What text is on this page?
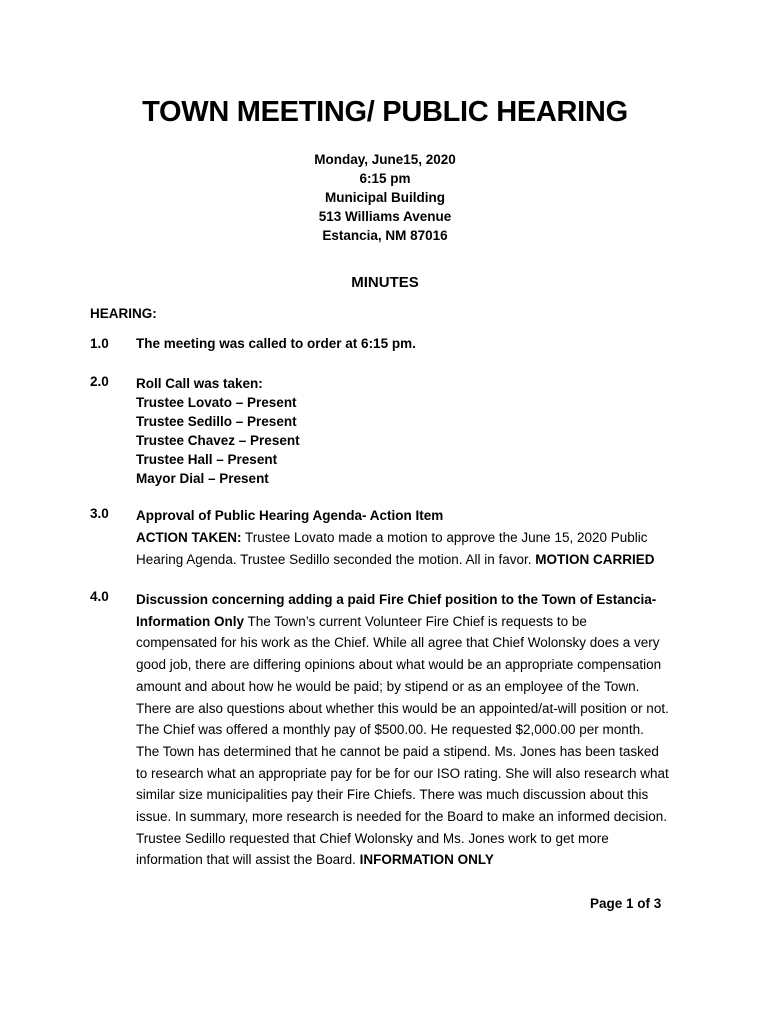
TOWN MEETING/ PUBLIC HEARING
Monday, June15, 2020
6:15 pm
Municipal Building
513 Williams Avenue
Estancia, NM 87016
MINUTES
HEARING:
1.0 The meeting was called to order at 6:15 pm.
2.0 Roll Call was taken:
Trustee Lovato – Present
Trustee Sedillo – Present
Trustee Chavez – Present
Trustee Hall – Present
Mayor Dial – Present
3.0 Approval of Public Hearing Agenda- Action Item

ACTION TAKEN: Trustee Lovato made a motion to approve the June 15, 2020 Public Hearing Agenda. Trustee Sedillo seconded the motion. All in favor. MOTION CARRIED

4.0 Discussion concerning adding a paid Fire Chief position to the Town of Estancia- Information Only The Town’s current Volunteer Fire Chief is requests to be compensated for his work as the Chief. While all agree that Chief Wolonsky does a very good job, there are differing opinions about what would be an appropriate compensation amount and about how he would be paid; by stipend or as an employee of the Town. There are also questions about whether this would be an appointed/at-will position or not. The Chief was offered a monthly pay of $500.00. He requested $2,000.00 per month. The Town has determined that he cannot be paid a stipend. Ms. Jones has been tasked to research what an appropriate pay for be for our ISO rating. She will also research what similar size municipalities pay their Fire Chiefs. There was much discussion about this issue. In summary, more research is needed for the Board to make an informed decision. Trustee Sedillo requested that Chief Wolonsky and Ms. Jones work to get more information that will assist the Board. INFORMATION ONLY

Page 1 of 3
